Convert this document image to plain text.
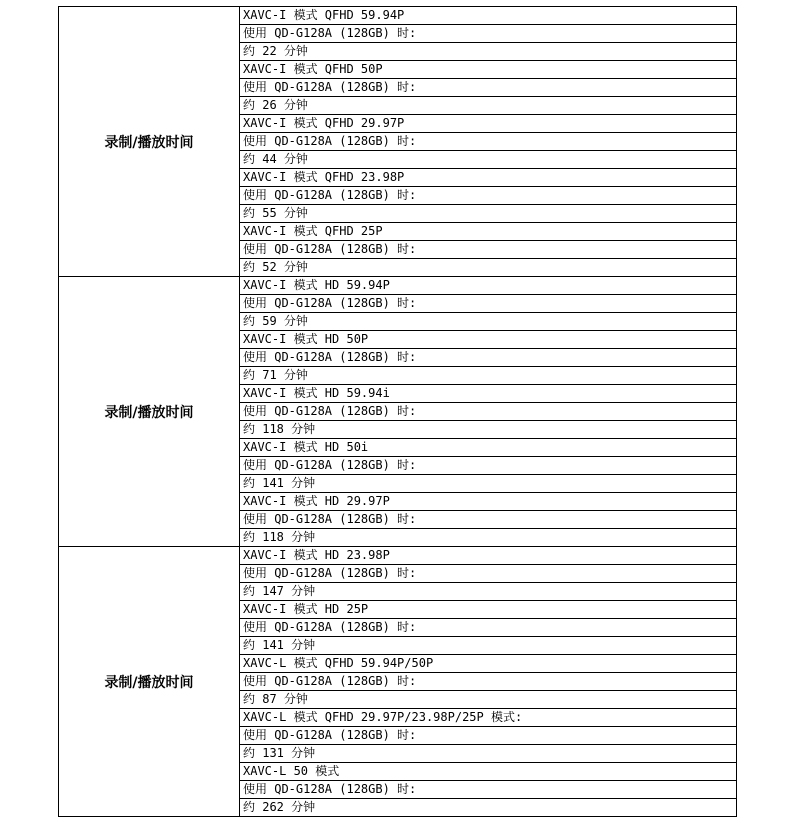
录制/播放时间
XAVC-I 模式 QFHD 59.94P
使用 QD-G128A (128GB) 时:
约 22 分钟
XAVC-I 模式 QFHD 50P
使用 QD-G128A (128GB) 时:
约 26 分钟
XAVC-I 模式 QFHD 29.97P
使用 QD-G128A (128GB) 时:
约 44 分钟
XAVC-I 模式 QFHD 23.98P
使用 QD-G128A (128GB) 时:
约 55 分钟
XAVC-I 模式 QFHD 25P
使用 QD-G128A (128GB) 时:
约 52 分钟
录制/播放时间
XAVC-I 模式 HD 59.94P
使用 QD-G128A (128GB) 时:
约 59 分钟
XAVC-I 模式 HD 50P
使用 QD-G128A (128GB) 时:
约 71 分钟
XAVC-I 模式 HD 59.94i
使用 QD-G128A (128GB) 时:
约 118 分钟
XAVC-I 模式 HD 50i
使用 QD-G128A (128GB) 时:
约 141 分钟
XAVC-I 模式 HD 29.97P
使用 QD-G128A (128GB) 时:
约 118 分钟
录制/播放时间
XAVC-I 模式 HD 23.98P
使用 QD-G128A (128GB) 时:
约 147 分钟
XAVC-I 模式 HD 25P
使用 QD-G128A (128GB) 时:
约 141 分钟
XAVC-L 模式 QFHD 59.94P/50P
使用 QD-G128A (128GB) 时:
约 87 分钟
XAVC-L 模式 QFHD 29.97P/23.98P/25P 模式:
使用 QD-G128A (128GB) 时:
约 131 分钟
XAVC-L 50 模式
使用 QD-G128A (128GB) 时:
约 262 分钟
